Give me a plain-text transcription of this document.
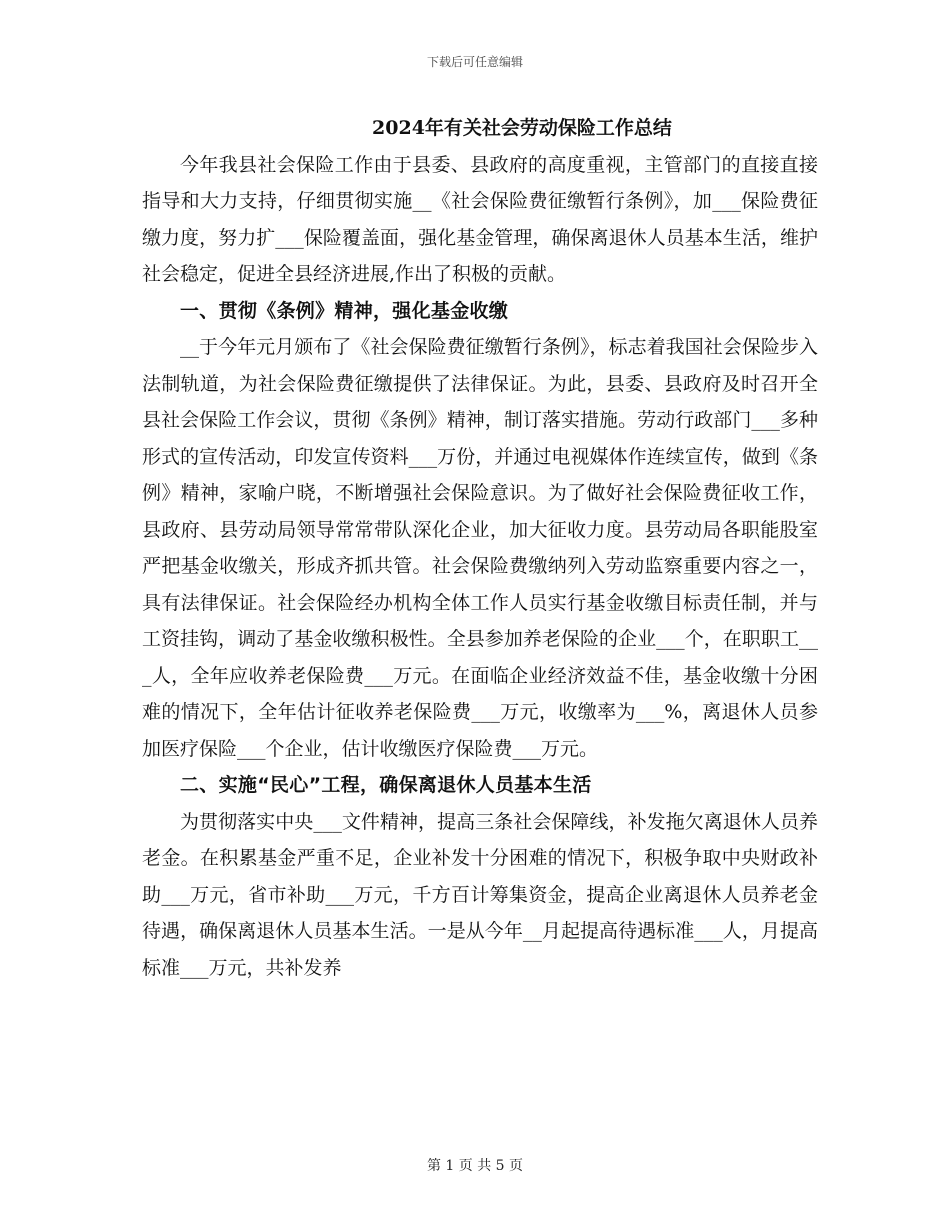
下载后可任意编辑
2024年有关社会劳动保险工作总结

今年我县社会保险工作由于县委、县政府的高度重视，主管部门的直接直接指导和大力支持，仔细贯彻实施__《社会保险费征缴暂行条例》，加___保险费征缴力度，努力扩___保险覆盖面，强化基金管理，确保离退休人员基本生活，维护社会稳定，促进全县经济进展,作出了积极的贡献。

一、贯彻《条例》精神，强化基金收缴

__于今年元月颁布了《社会保险费征缴暂行条例》，标志着我国社会保险步入法制轨道，为社会保险费征缴提供了法律保证。为此，县委、县政府及时召开全县社会保险工作会议，贯彻《条例》精神，制订落实措施。劳动行政部门___多种形式的宣传活动，印发宣传资料___万份，并通过电视媒体作连续宣传，做到《条例》精神，家喻户晓，不断增强社会保险意识。为了做好社会保险费征收工作，县政府、县劳动局领导常常带队深化企业，加大征收力度。县劳动局各职能股室严把基金收缴关，形成齐抓共管。社会保险费缴纳列入劳动监察重要内容之一，具有法律保证。社会保险经办机构全体工作人员实行基金收缴目标责任制，并与工资挂钩，调动了基金收缴积极性。全县参加养老保险的企业___个，在职职工___人，全年应收养老保险费___万元。在面临企业经济效益不佳，基金收缴十分困难的情况下，全年估计征收养老保险费___万元，收缴率为___%，离退休人员参加医疗保险___个企业，估计收缴医疗保险费___万元。

二、实施“民心”工程，确保离退休人员基本生活

为贯彻落实中央___文件精神，提高三条社会保障线，补发拖欠离退休人员养老金。在积累基金严重不足，企业补发十分困难的情况下，积极争取中央财政补助___万元，省市补助___万元，千方百计筹集资金，提高企业离退休人员养老金待遇，确保离退休人员基本生活。一是从今年__月起提高待遇标准___人，月提高标准___万元，共补发养

第 1 页 共 5 页
